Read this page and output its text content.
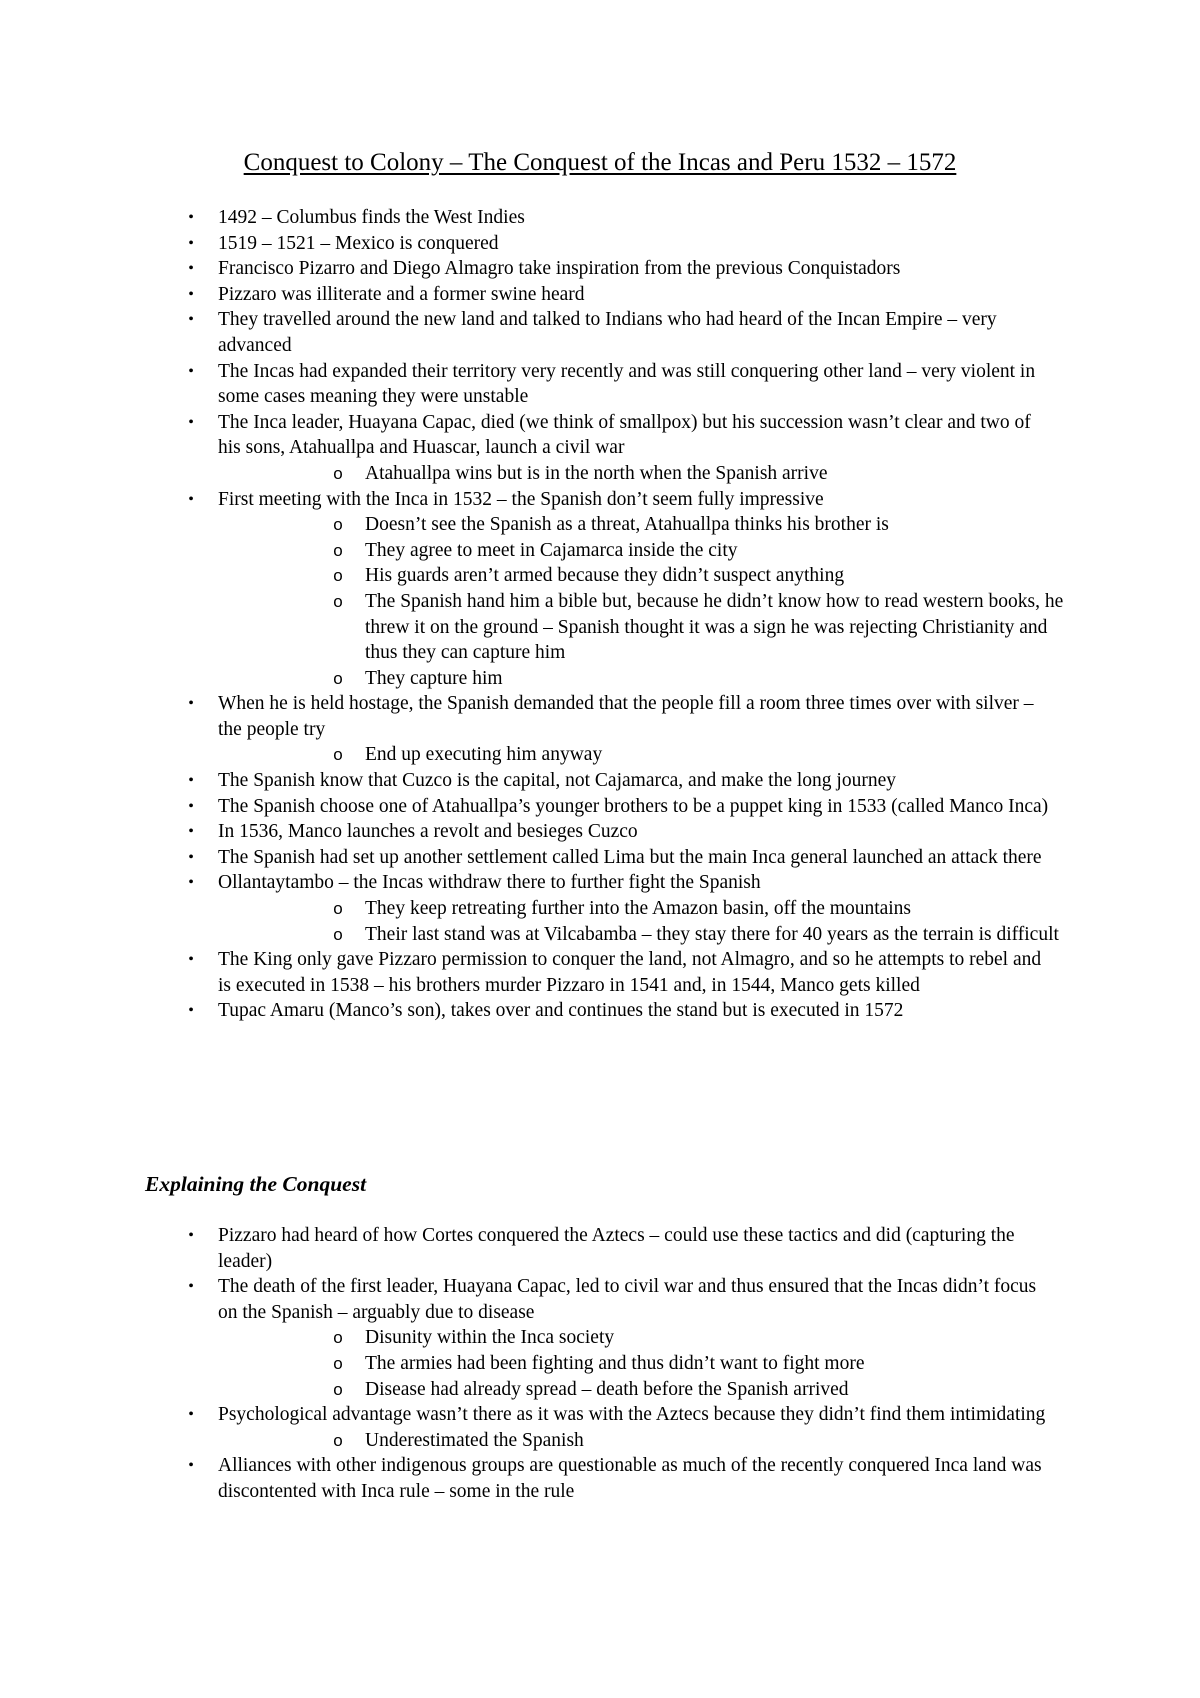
Conquest to Colony – The Conquest of the Incas and Peru 1532 – 1572
•	1492 – Columbus finds the West Indies
•	1519 – 1521 – Mexico is conquered
•	Francisco Pizarro and Diego Almagro take inspiration from the previous Conquistadors
•	Pizzaro was illiterate and a former swine heard
•	They travelled around the new land and talked to Indians who had heard of the Incan Empire – very advanced
•	The Incas had expanded their territory very recently and was still conquering other land – very violent in some cases meaning they were unstable
•	The Inca leader, Huayana Capac, died (we think of smallpox) but his succession wasn’t clear and two of his sons, Atahuallpa and Huascar, launch a civil war
o Atahuallpa wins but is in the north when the Spanish arrive
•	First meeting with the Inca in 1532 – the Spanish don’t seem fully impressive
o Doesn’t see the Spanish as a threat, Atahuallpa thinks his brother is
o They agree to meet in Cajamarca inside the city
o His guards aren’t armed because they didn’t suspect anything
o The Spanish hand him a bible but, because he didn’t know how to read western books, he threw it on the ground – Spanish thought it was a sign he was rejecting Christianity and thus they can capture him
o They capture him
•	When he is held hostage, the Spanish demanded that the people fill a room three times over with silver – the people try
o End up executing him anyway
•	The Spanish know that Cuzco is the capital, not Cajamarca, and make the long journey
•	The Spanish choose one of Atahuallpa’s younger brothers to be a puppet king in 1533 (called Manco Inca)
•	In 1536, Manco launches a revolt and besieges Cuzco
•	The Spanish had set up another settlement called Lima but the main Inca general launched an attack there
•	Ollantaytambo – the Incas withdraw there to further fight the Spanish
o They keep retreating further into the Amazon basin, off the mountains
o Their last stand was at Vilcabamba – they stay there for 40 years as the terrain is difficult
•	The King only gave Pizzaro permission to conquer the land, not Almagro, and so he attempts to rebel and is executed in 1538 – his brothers murder Pizzaro in 1541 and, in 1544, Manco gets killed
•	Tupac Amaru (Manco’s son), takes over and continues the stand but is executed in 1572
Explaining the Conquest
•	Pizzaro had heard of how Cortes conquered the Aztecs – could use these tactics and did (capturing the leader)
•	The death of the first leader, Huayana Capac, led to civil war and thus ensured that the Incas didn’t focus on the Spanish – arguably due to disease
o Disunity within the Inca society
o The armies had been fighting and thus didn’t want to fight more
o Disease had already spread – death before the Spanish arrived
•	Psychological advantage wasn’t there as it was with the Aztecs because they didn’t find them intimidating
o Underestimated the Spanish
•	Alliances with other indigenous groups are questionable as much of the recently conquered Inca land was discontented with Inca rule – some in the rule
